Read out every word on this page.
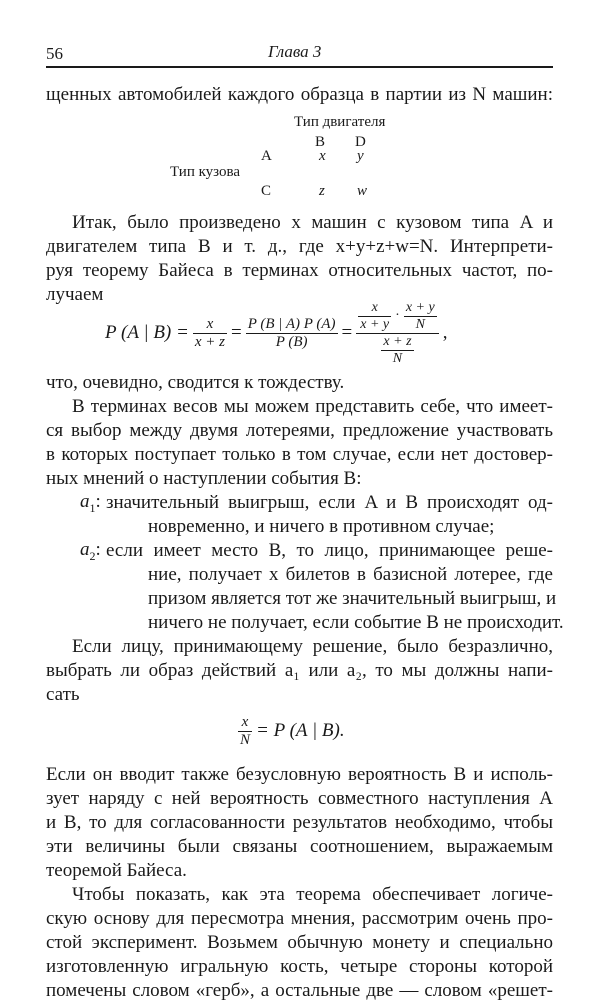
56	Глава 3
щенных автомобилей каждого образца в партии из N машин:
Тип двигателя
B D
Тип кузова
A	x y
C	z w
Итак, было произведено x машин с кузовом типа A и
двигателем типа B и т. д., где x+y+z+w=N. Интерпрети-
руя теорему Байеса в терминах относительных частот, по-
лучаем
P (A | $B) = \frac{x}{x + z} = \frac{P (B | A) P (A)}{P (B)} = \frac{x}{x + y} \cdot \frac{x + y}{N}$
$\frac{x + z}{N}$
,
что, очевидно, сводится к тождеству.
В терминах весов мы можем представить себе, что имеет-
ся выбор между двумя лотереями, предложение участвовать
в которых поступает только в том случае, если нет достовер-
ных мнений о наступлении события B:
$a_1$: значительный выигрыш, если A и B происходят од-
новременно, и ничего в противном случае;
$a_2$: если имеет место B, то лицо, принимающее реше-
ние, получает x билетов в базисной лотерее, где
призом является тот же значительный выигрыш, и
ничего не получает, если событие B не происходит.
Если лицу, принимающему решение, было безразлично,
выбрать ли образ действий a₁ или a₂, то мы должны напи-
сать
$\frac{x}{N} = P$ (A | B).
Если он вводит также безусловную вероятность B и исполь-
зует наряду с ней вероятность совместного наступления A
и B, то для согласованности результатов необходимо, чтобы
эти величины были связаны соотношением, выражаемым
теоремой Байеса.
Чтобы показать, как эта теорема обеспечивает логиче-
скую основу для пересмотра мнения, рассмотрим очень про-
стой эксперимент. Возьмем обычную монету и специально
изготовленную игральную кость, четыре стороны которой
помечены словом «герб», а остальные две — словом «решет-
